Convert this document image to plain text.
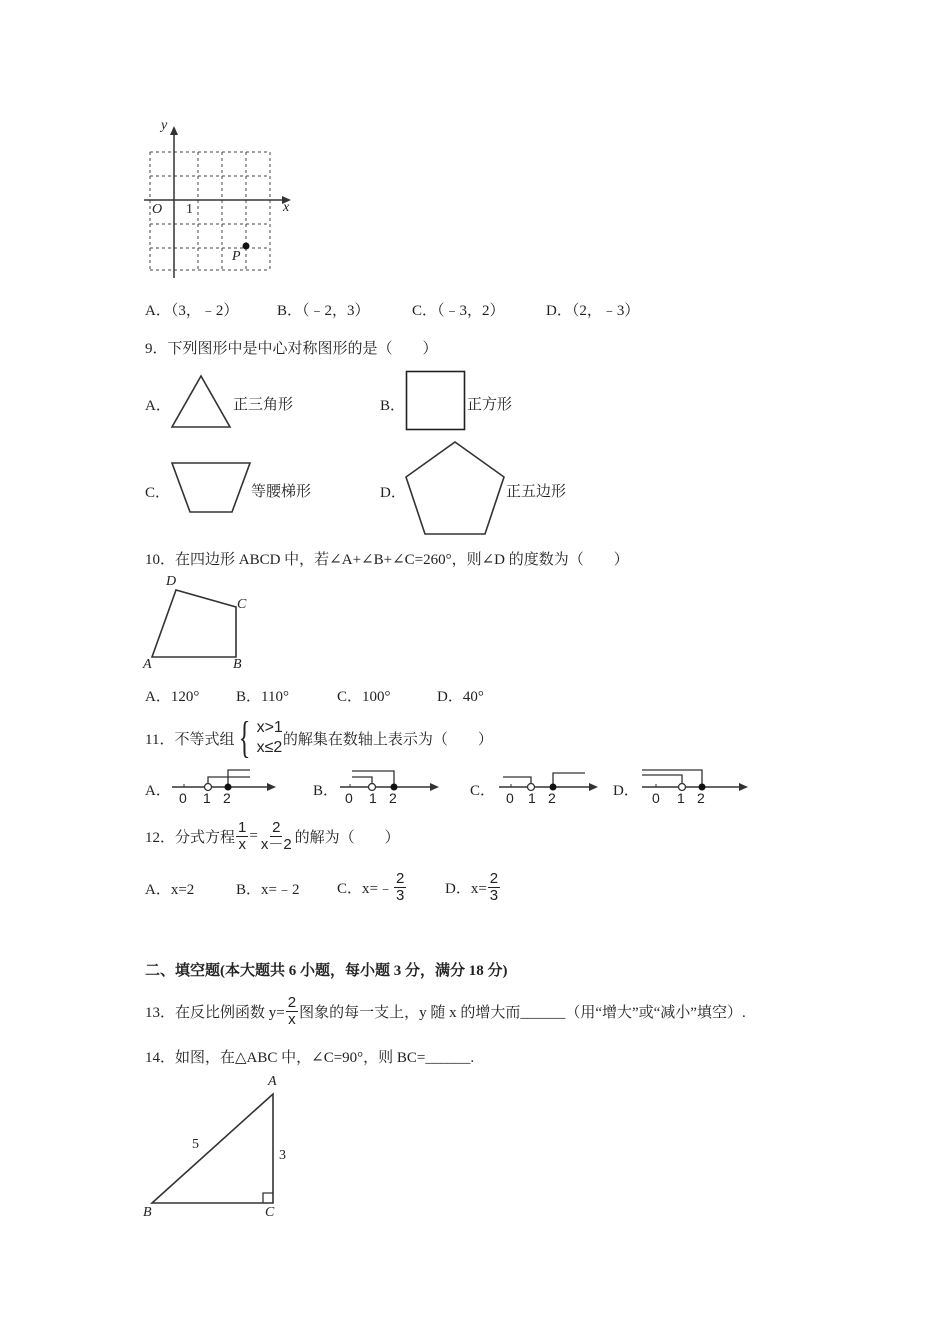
y
x
O 1
P
A．（3，﹣2）	B．（﹣2，3）	C．（﹣3，2）	D．（2，﹣3）
9．下列图形中是中心对称图形的是（　　）
A．	正三角形	B．	正方形
C．	等腰梯形	D．	正五边形
10．在四边形 ABCD 中，若∠A+∠B+∠C=260°，则∠D 的度数为（　　）
D
C
A	B
A．120° B．110°	C．100°	D．40°
11．不等式组 { x>1
x≤2 的解集在数轴上表示为（　　）
A． 0 1 2	B． 0 1 2	C． 0 1 2	D． 0 1 2
12．分式方程 $\frac{1}{x} = \frac{2}{x-2}$ 的解为（　　）
A．x=2	B．x=﹣2	C．x=﹣ $\frac{2}{3}$	D．$x= \frac{2}{3}$
二、填空题(本大题共 6 小题，每小题 3 分，满分 18 分)
13．在反比例函数 $y= \frac{2}{x}$ 图象的每一支上，y 随 x 的增大而______（用“增大”或“减小”填空）.
14．如图，在△ABC 中，∠C=90°，则 BC=______.
A
B	C
5
3
